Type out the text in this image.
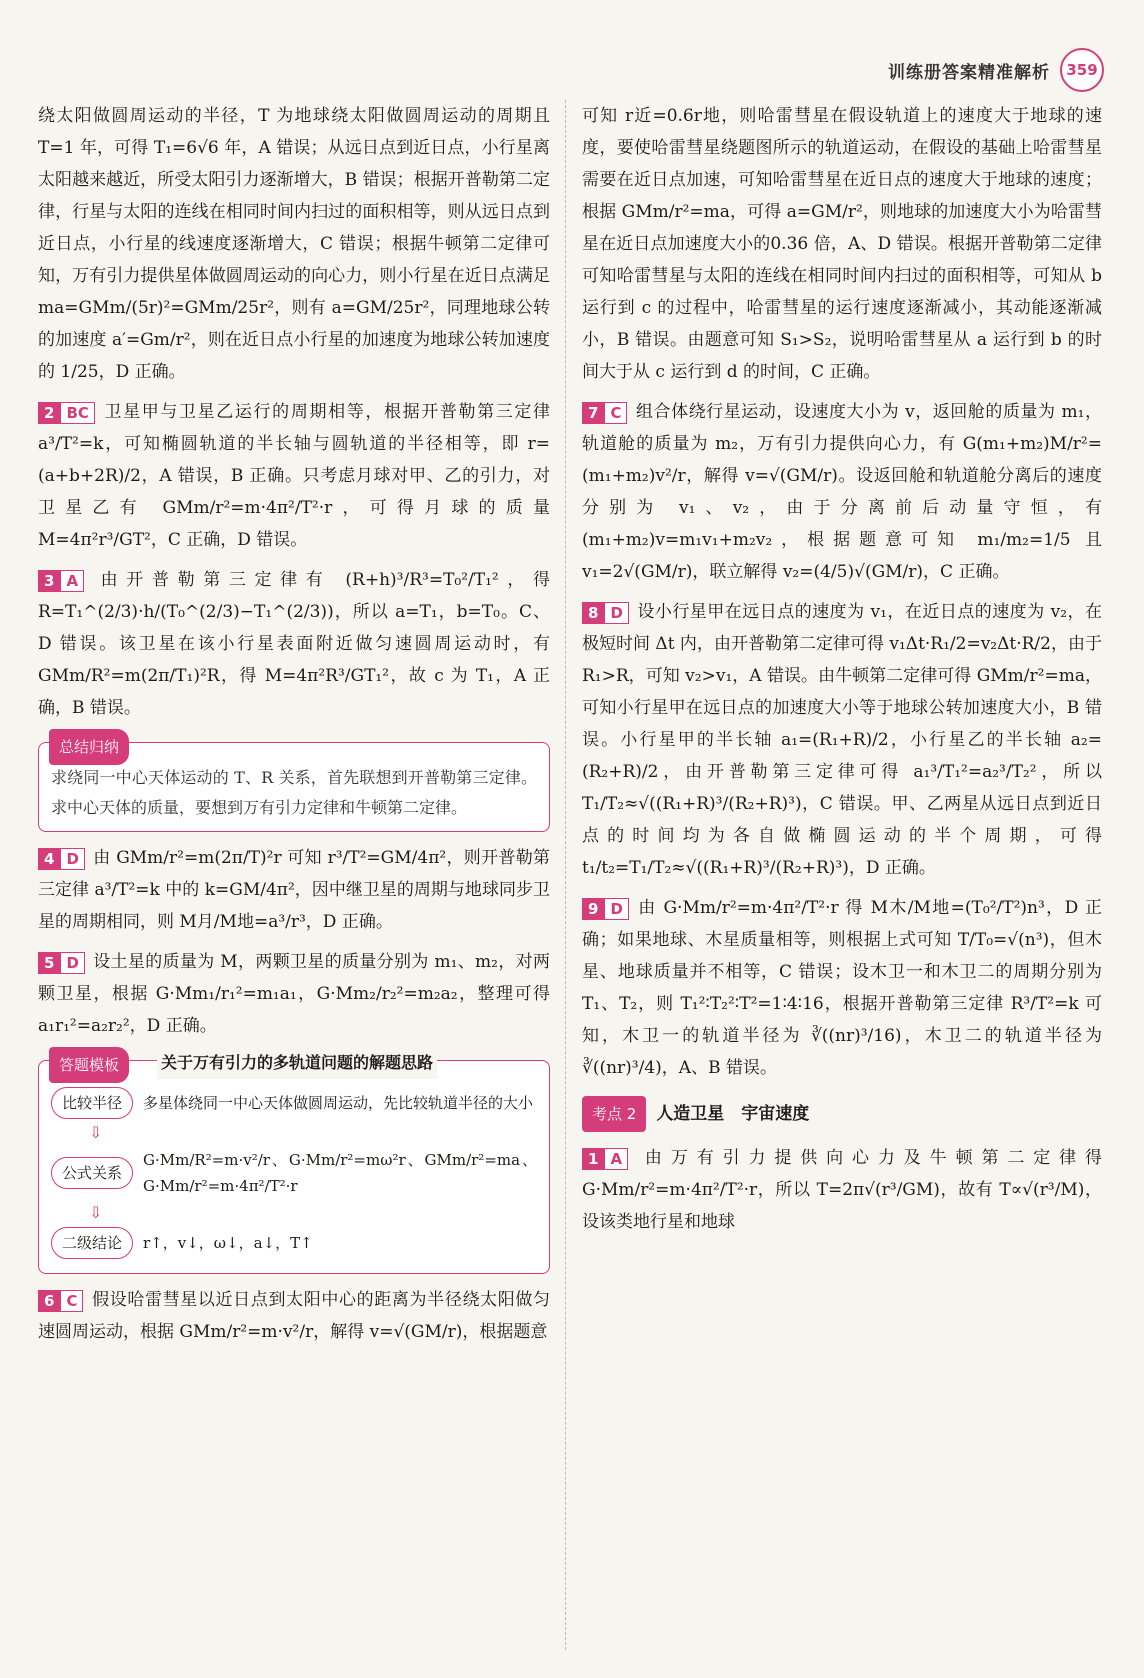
训练册答案精准解析	359

绕太阳做圆周运动的半径，T 为地球绕太阳做圆周运动的周期且 T=1 年，可得 T₁=6√6 年，A 错误；从远日点到近日点，小行星离太阳越来越近，所受太阳引力逐渐增大，B 错误；根据开普勒第二定律，行星与太阳的连线在相同时间内扫过的面积相等，则从远日点到近日点，小行星的线速度逐渐增大，C 错误；根据牛顿第二定律可知，万有引力提供星体做圆周运动的向心力，则小行星在近日点满足 ma=GMm/(5r)²=GMm/25r²，则有 a=GM/25r²，同理地球公转的加速度 a′=Gm/r²，则在近日点小行星的加速度为地球公转加速度的 1/25，D 正确。

2 BC 卫星甲与卫星乙运行的周期相等，根据开普勒第三定律 a³/T²=k，可知椭圆轨道的半长轴与圆轨道的半径相等，即 r=(a+b+2R)/2，A 错误，B 正确。只考虑月球对甲、乙的引力，对卫星乙有 GMm/r²=m·4π²/T²·r，可得月球的质量 M=4π²r³/GT²，C 正确，D 错误。

3 A 由开普勒第三定律有 (R+h)³/R³=T₀²/T₁²，得 R=T₁^(2/3)·h/(T₀^(2/3)−T₁^(2/3))，所以 a=T₁，b=T₀。C、D 错误。该卫星在该小行星表面附近做匀速圆周运动时，有 GMm/R²=m(2π/T₁)²R，得 M=4π²R³/GT₁²，故 c 为 T₁，A 正确，B 错误。

总结归纳
求绕同一中心天体运动的 T、R 关系，首先联想到开普勒第三定律。求中心天体的质量，要想到万有引力定律和牛顿第二定律。

4 D 由 GMm/r²=m(2π/T)²r 可知 r³/T²=GM/4π²，则开普勒第三定律 a³/T²=k 中的 k=GM/4π²，因中继卫星的周期与地球同步卫星的周期相同，则 M月/M地=a³/r³，D 正确。

5 D 设土星的质量为 M，两颗卫星的质量分别为 m₁、m₂，对两颗卫星，根据 G·Mm₁/r₁²=m₁a₁，G·Mm₂/r₂²=m₂a₂，整理可得 a₁r₁²=a₂r₂²，D 正确。

答题模板	关于万有引力的多轨道问题的解题思路
比较半径	多星体绕同一中心天体做圆周运动，先比较轨道半径的大小
⇩
公式关系
G·Mm/R²=m·v²/r、G·Mm/r²=mω²r、GMm/r²=ma、G·Mm/r²=m·4π²/T²·r
⇩
二级结论	r↑，v↓，ω↓，a↓，T↑

6 C 假设哈雷彗星以近日点到太阳中心的距离为半径绕太阳做匀速圆周运动，根据 GMm/r²=m·v²/r，解得 v=√(GM/r)，根据题意

可知 r近=0.6r地，则哈雷彗星在假设轨道上的速度大于地球的速度，要使哈雷彗星绕题图所示的轨道运动，在假设的基础上哈雷彗星需要在近日点加速，可知哈雷彗星在近日点的速度大于地球的速度；根据 GMm/r²=ma，可得 a=GM/r²，则地球的加速度大小为哈雷彗星在近日点加速度大小的0.36 倍，A、D 错误。根据开普勒第二定律可知哈雷彗星与太阳的连线在相同时间内扫过的面积相等，可知从 b 运行到 c 的过程中，哈雷彗星的运行速度逐渐减小，其动能逐渐减小，B 错误。由题意可知 S₁>S₂，说明哈雷彗星从 a 运行到 b 的时间大于从 c 运行到 d 的时间，C 正确。

7 C 组合体绕行星运动，设速度大小为 v，返回舱的质量为 m₁，轨道舱的质量为 m₂，万有引力提供向心力，有 G(m₁+m₂)M/r²=(m₁+m₂)v²/r，解得 v=√(GM/r)。设返回舱和轨道舱分离后的速度分别为 v₁、v₂，由于分离前后动量守恒，有 (m₁+m₂)v=m₁v₁+m₂v₂，根据题意可知 m₁/m₂=1/5 且 v₁=2√(GM/r)，联立解得 v₂=(4/5)√(GM/r)，C 正确。

8 D 设小行星甲在远日点的速度为 v₁，在近日点的速度为 v₂，在极短时间 Δt 内，由开普勒第二定律可得 v₁Δt·R₁/2=v₂Δt·R/2，由于 R₁>R，可知 v₂>v₁，A 错误。由牛顿第二定律可得 GMm/r²=ma，可知小行星甲在远日点的加速度大小等于地球公转加速度大小，B 错误。小行星甲的半长轴 a₁=(R₁+R)/2，小行星乙的半长轴 a₂=(R₂+R)/2，由开普勒第三定律可得 a₁³/T₁²=a₂³/T₂²，所以 T₁/T₂≈√((R₁+R)³/(R₂+R)³)，C 错误。甲、乙两星从远日点到近日点的时间均为各自做椭圆运动的半个周期，可得 t₁/t₂=T₁/T₂≈√((R₁+R)³/(R₂+R)³)，D 正确。

9 D 由 G·Mm/r²=m·4π²/T²·r 得 M木/M地=(T₀²/T²)n³，D 正确；如果地球、木星质量相等，则根据上式可知 T/T₀=√(n³)，但木星、地球质量并不相等，C 错误；设木卫一和木卫二的周期分别为 T₁、T₂，则 T₁²∶T₂²∶T²=1∶4∶16，根据开普勒第三定律 R³/T²=k 可知，木卫一的轨道半径为 ∛((nr)³/16)，木卫二的轨道半径为 ∛((nr)³/4)，A、B 错误。

考点 2	人造卫星　宇宙速度

1 A 由万有引力提供向心力及牛顿第二定律得 G·Mm/r²=m·4π²/T²·r，所以 T=2π√(r³/GM)，故有 T∝√(r³/M)，设该类地行星和地球
